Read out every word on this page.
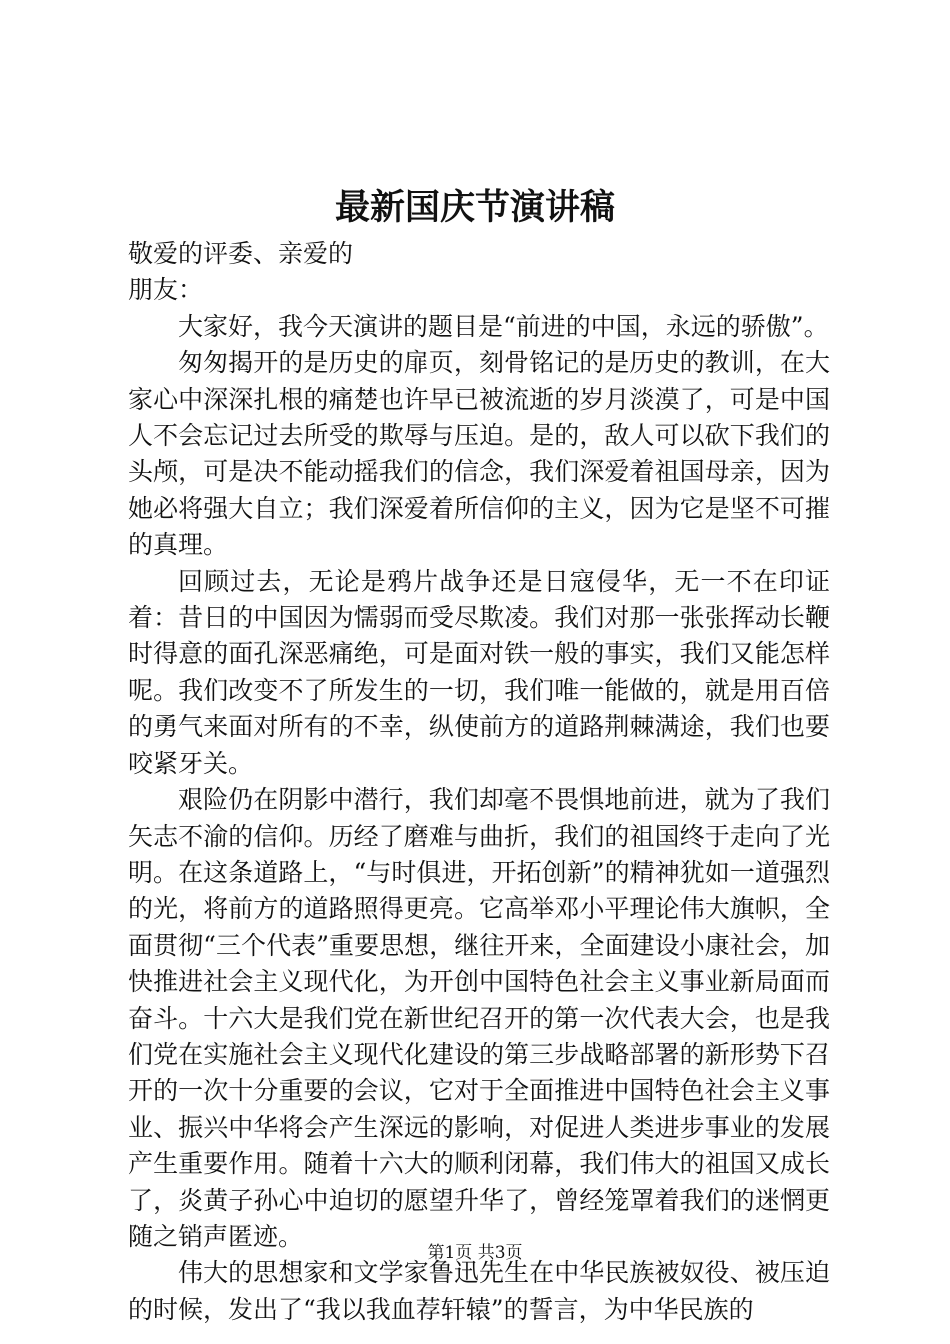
最新国庆节演讲稿

敬爱的评委、亲爱的

朋友：

大家好，我今天演讲的题目是“前进的中国，永远的骄傲”。

匆匆揭开的是历史的扉页，刻骨铭记的是历史的教训，在大家心中深深扎根的痛楚也许早已被流逝的岁月淡漠了，可是中国人不会忘记过去所受的欺辱与压迫。是的，敌人可以砍下我们的头颅，可是决不能动摇我们的信念，我们深爱着祖国母亲，因为她必将强大自立；我们深爱着所信仰的主义，因为它是坚不可摧的真理。

回顾过去，无论是鸦片战争还是日寇侵华，无一不在印证着：昔日的中国因为懦弱而受尽欺凌。我们对那一张张挥动长鞭时得意的面孔深恶痛绝，可是面对铁一般的事实，我们又能怎样呢。我们改变不了所发生的一切，我们唯一能做的，就是用百倍的勇气来面对所有的不幸，纵使前方的道路荆棘满途，我们也要咬紧牙关。

艰险仍在阴影中潜行，我们却毫不畏惧地前进，就为了我们矢志不渝的信仰。历经了磨难与曲折，我们的祖国终于走向了光明。在这条道路上，“与时俱进，开拓创新”的精神犹如一道强烈的光，将前方的道路照得更亮。它高举邓小平理论伟大旗帜，全面贯彻“三个代表”重要思想，继往开来，全面建设小康社会，加快推进社会主义现代化，为开创中国特色社会主义事业新局面而奋斗。十六大是我们党在新世纪召开的第一次代表大会，也是我们党在实施社会主义现代化建设的第三步战略部署的新形势下召开的一次十分重要的会议，它对于全面推进中国特色社会主义事业、振兴中华将会产生深远的影响，对促进人类进步事业的发展产生重要作用。随着十六大的顺利闭幕，我们伟大的祖国又成长了，炎黄子孙心中迫切的愿望升华了，曾经笼罩着我们的迷惘更随之销声匿迹。

伟大的思想家和文学家鲁迅先生在中华民族被奴役、被压迫的时候，发出了“我以我血荐轩辕”的誓言，为中华民族的

第1页 共3页
